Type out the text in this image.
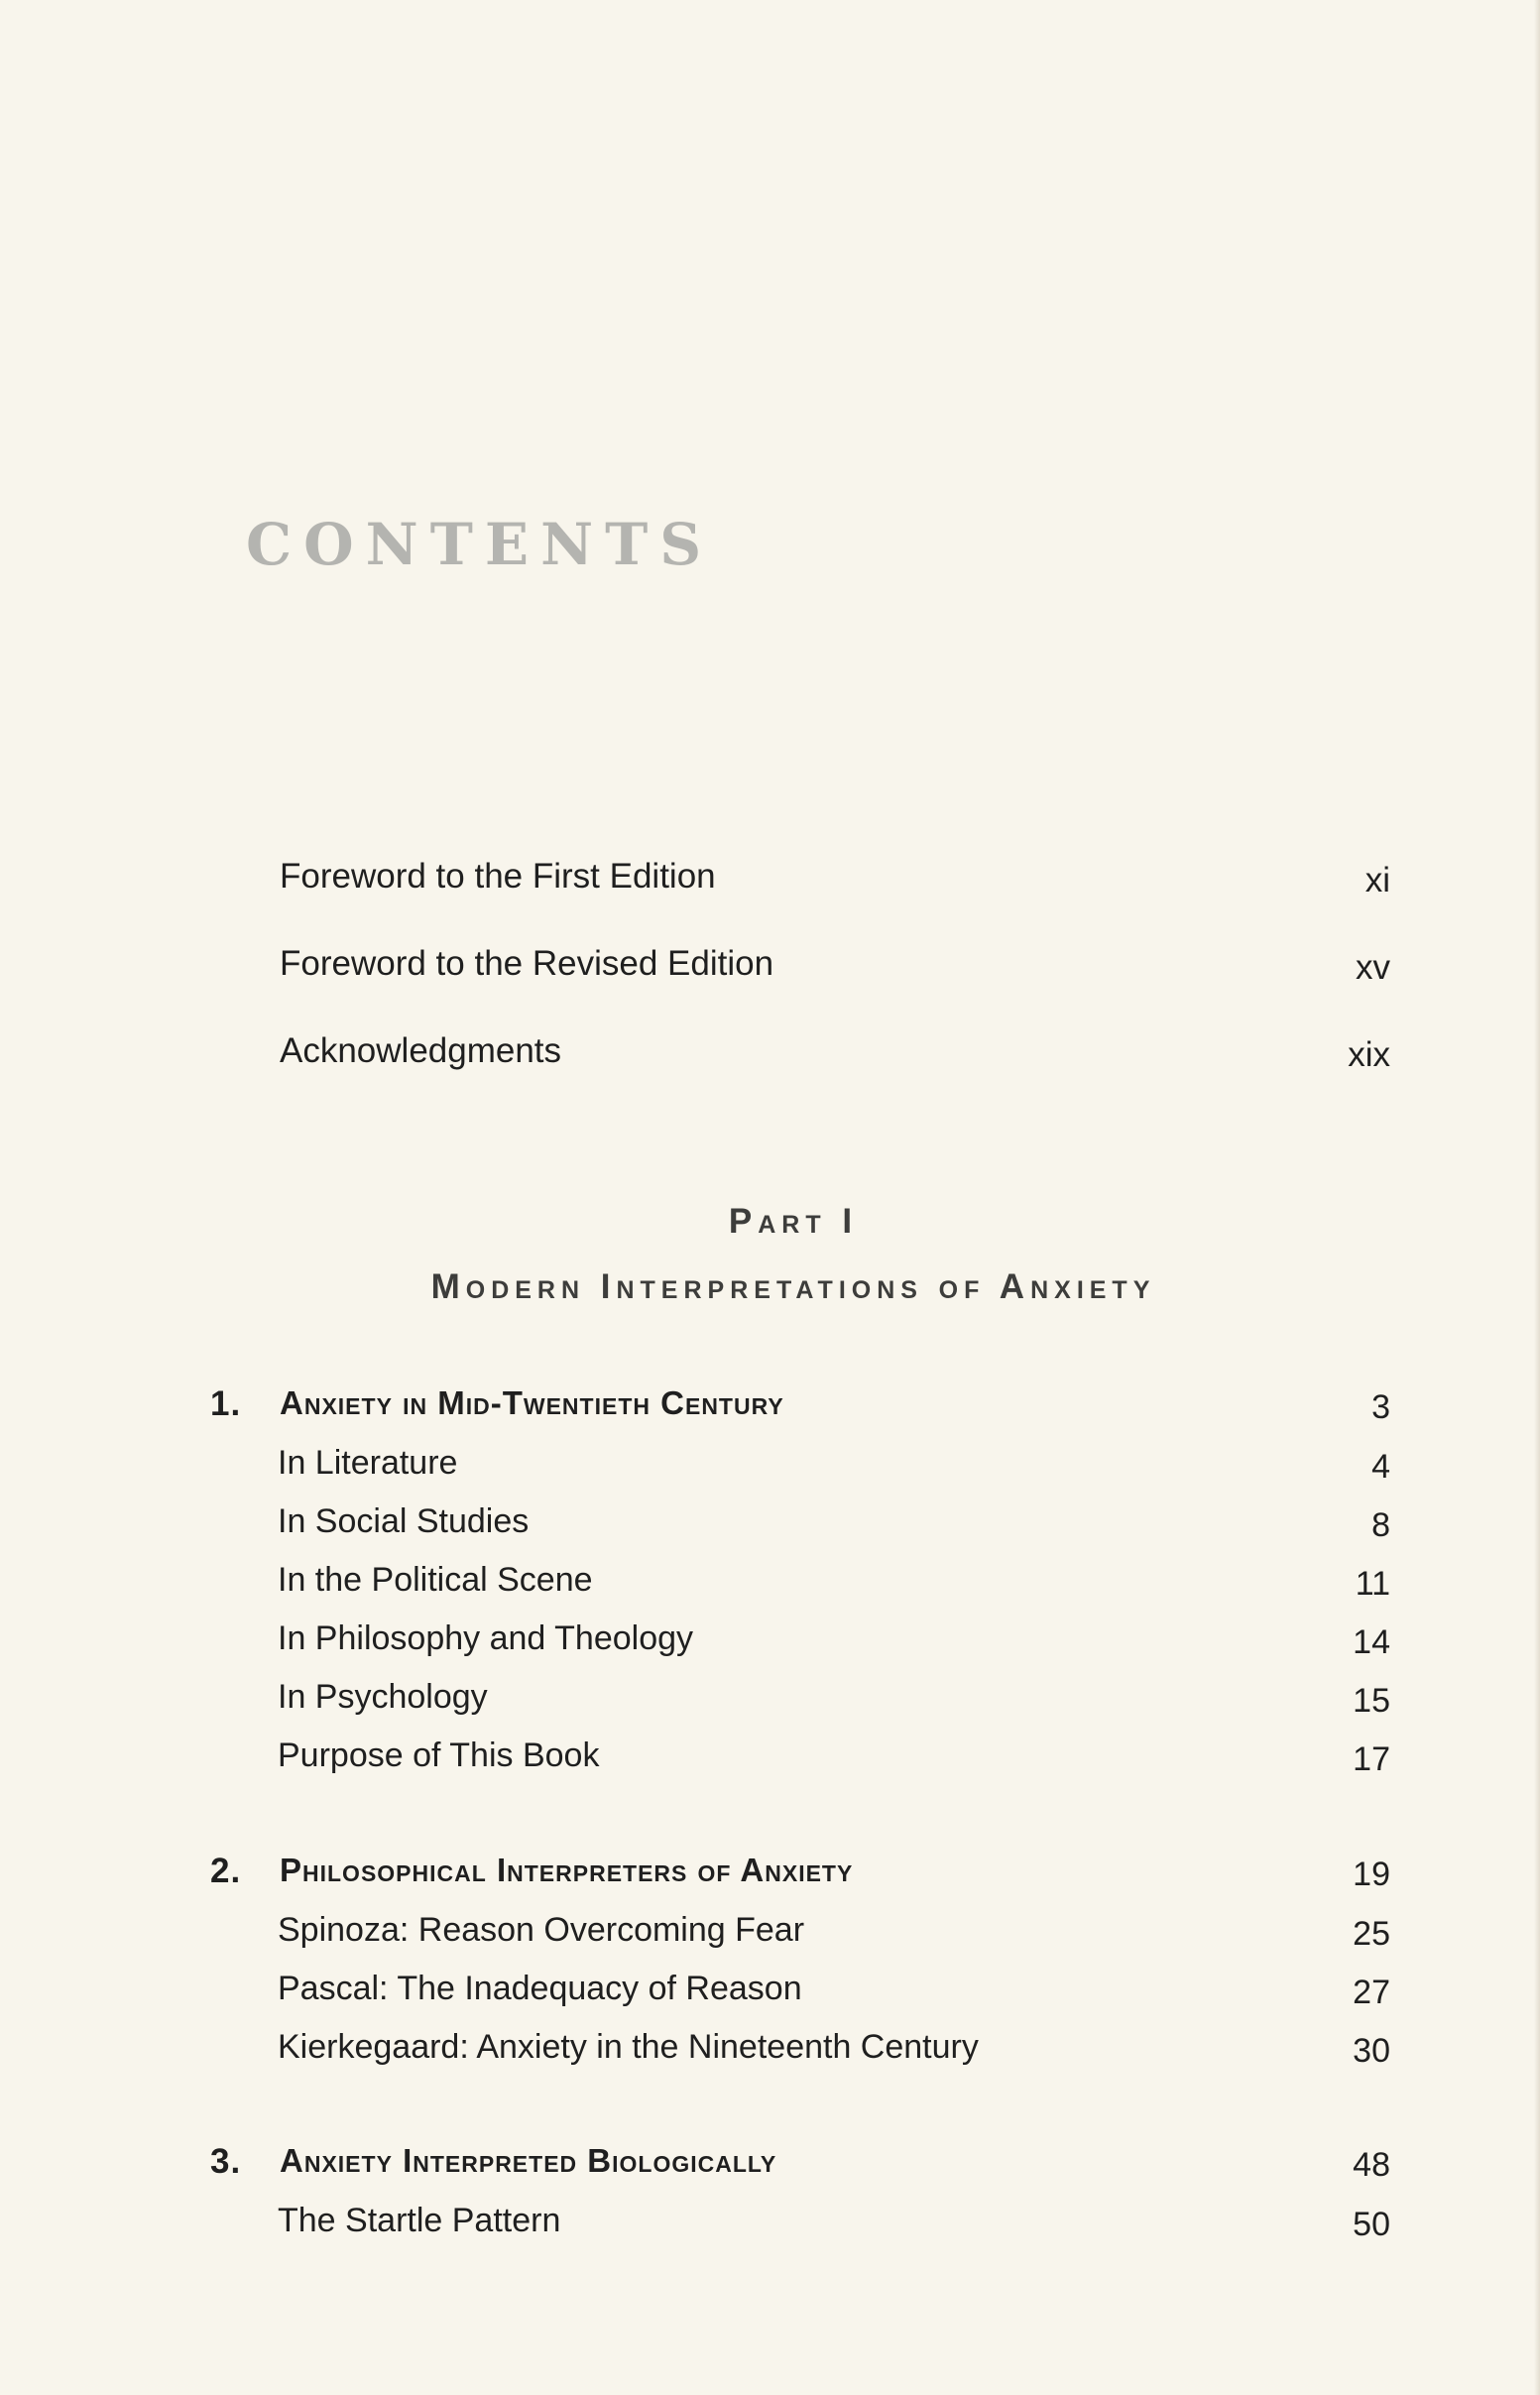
CONTENTS
Foreword to the First Edition	xi
Foreword to the Revised Edition	xv
Acknowledgments	xix
Part I
Modern Interpretations of Anxiety
1. Anxiety in Mid-Twentieth Century	3
In Literature	4
In Social Studies	8
In the Political Scene	11
In Philosophy and Theology	14
In Psychology	15
Purpose of This Book	17
2. Philosophical Interpreters of Anxiety	19
Spinoza: Reason Overcoming Fear	25
Pascal: The Inadequacy of Reason	27
Kierkegaard: Anxiety in the Nineteenth Century	30
3. Anxiety Interpreted Biologically	48
The Startle Pattern	50
